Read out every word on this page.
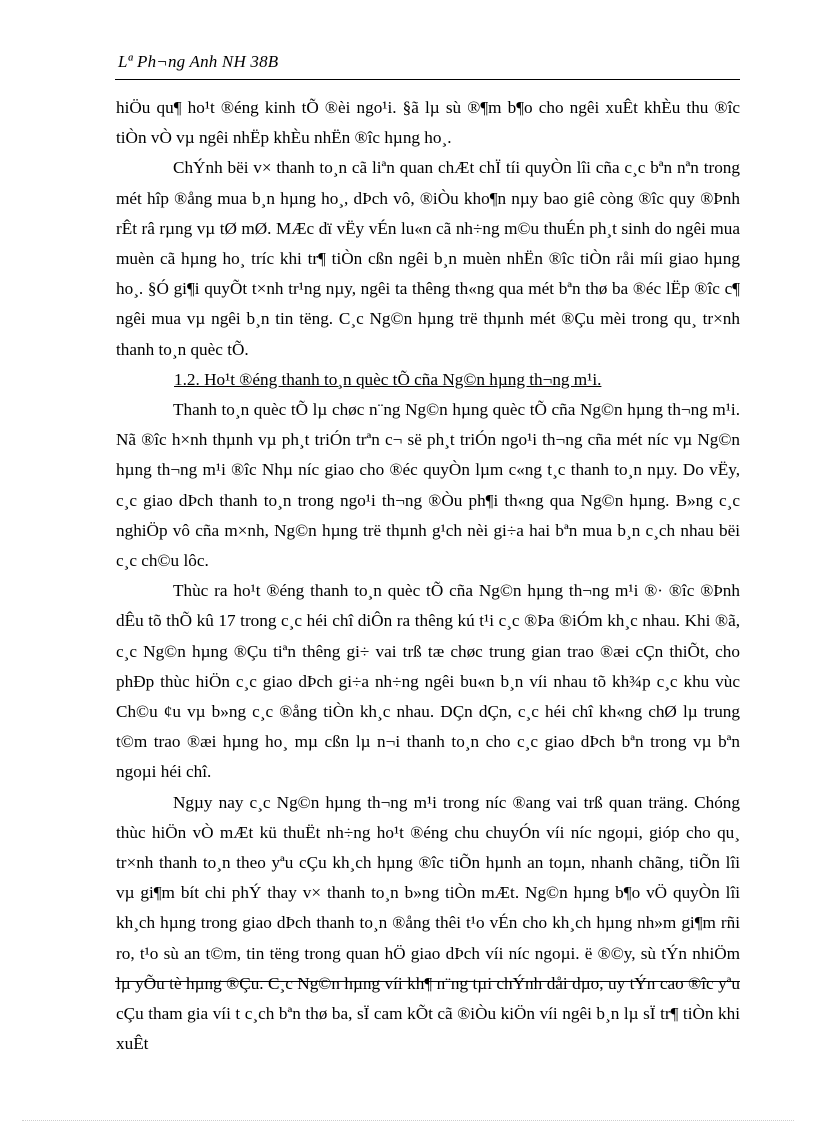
Lª Ph¬ng Anh NH 38B

hiÖu qu¶ ho¹t ®éng kinh tÕ ®èi ngo¹i. §ã lµ sù ®¶m b¶o cho ngêi xuÊt khÈu thu ®îc tiÒn vÒ vµ ngêi nhËp khÈu nhËn ®îc hµng ho¸.

ChÝnh bëi v× thanh to¸n cã liªn quan chÆt chÏ tíi quyÒn lîi cña c¸c bªn nªn trong mét hîp ®ång mua b¸n hµng ho¸, dÞch vô, ®iÒu kho¶n nµy bao giê còng ®îc quy ®Þnh rÊt râ rµng vµ tØ mØ. MÆc dï vËy vÉn lu«n cã nh÷ng m©u thuÉn ph¸t sinh do ngêi mua muèn cã hµng ho¸ tríc khi tr¶ tiÒn cßn ngêi b¸n muèn nhËn ®îc tiÒn råi míi giao hµng ho¸. §Ó gi¶i quyÕt t×nh tr¹ng nµy, ngêi ta thêng th«ng qua mét bªn thø ba ®éc lËp ®îc c¶ ngêi mua vµ ngêi b¸n tin tëng. C¸c Ng©n hµng trë thµnh mét ®Çu mèi trong qu¸ tr×nh thanh to¸n quèc tÕ.

1.2. Ho¹t ®éng thanh to¸n quèc tÕ cña Ng©n hµng th¬ng m¹i.

Thanh to¸n quèc tÕ lµ chøc n¨ng Ng©n hµng quèc tÕ cña Ng©n hµng th¬ng m¹i. Nã ®îc h×nh thµnh vµ ph¸t triÓn trªn c¬ së ph¸t triÓn ngo¹i th¬ng cña mét níc vµ Ng©n hµng th¬ng m¹i ®îc Nhµ níc giao cho ®éc quyÒn lµm c«ng t¸c thanh to¸n nµy. Do vËy, c¸c giao dÞch thanh to¸n trong ngo¹i th¬ng ®Òu ph¶i th«ng qua Ng©n hµng. B»ng c¸c nghiÖp vô cña m×nh, Ng©n hµng trë thµnh g¹ch nèi gi÷a hai bªn mua b¸n c¸ch nhau bëi c¸c ch©u lôc.

Thùc ra ho¹t ®éng thanh to¸n quèc tÕ cña Ng©n hµng th¬ng m¹i ®· ®îc ®Þnh dÊu tõ thÕ kû 17 trong c¸c héi chî diÔn ra thêng kú t¹i c¸c ®Þa ®iÓm kh¸c nhau. Khi ®ã, c¸c Ng©n hµng ®Çu tiªn thêng gi÷ vai trß tæ chøc trung gian trao ®æi cÇn thiÕt, cho phÐp thùc hiÖn c¸c giao dÞch gi÷a nh÷ng ngêi bu«n b¸n víi nhau tõ kh¾p c¸c khu vùc Ch©u ¢u vµ b»ng c¸c ®ång tiÒn kh¸c nhau. DÇn dÇn, c¸c héi chî kh«ng chØ lµ trung t©m trao ®æi hµng ho¸ mµ cßn lµ n¬i thanh to¸n cho c¸c giao dÞch bªn trong vµ bªn ngoµi héi chî.

Ngµy nay c¸c Ng©n hµng th¬ng m¹i trong níc ®ang vai trß quan träng. Chóng thùc hiÖn vÒ mÆt kü thuËt nh÷ng ho¹t ®éng chu chuyÓn víi níc ngoµi, gióp cho qu¸ tr×nh thanh to¸n theo yªu cÇu kh¸ch hµng ®îc tiÕn hµnh an toµn, nhanh chãng, tiÕn lîi vµ gi¶m bít chi phÝ thay v× thanh to¸n b»ng tiÒn mÆt. Ng©n hµng b¶o vÖ quyÒn lîi kh¸ch hµng trong giao dÞch thanh to¸n ®ång thêi t¹o vÉn cho kh¸ch hµng nh»m gi¶m rñi ro, t¹o sù an t©m, tin tëng trong quan hÖ giao dÞch víi níc ngoµi. ë ®©y, sù tÝn nhiÖm lµ yÕu tè hµng ®Çu. C¸c Ng©n hµng víi kh¶ n¨ng tµi chÝnh dåi dµo, uy tÝn cao ®îc yªu cÇu tham gia víi t c¸ch bªn thø ba, sÏ cam kÕt cã ®iÒu kiÖn víi ngêi b¸n lµ sÏ tr¶ tiÒn khi xuÊt
